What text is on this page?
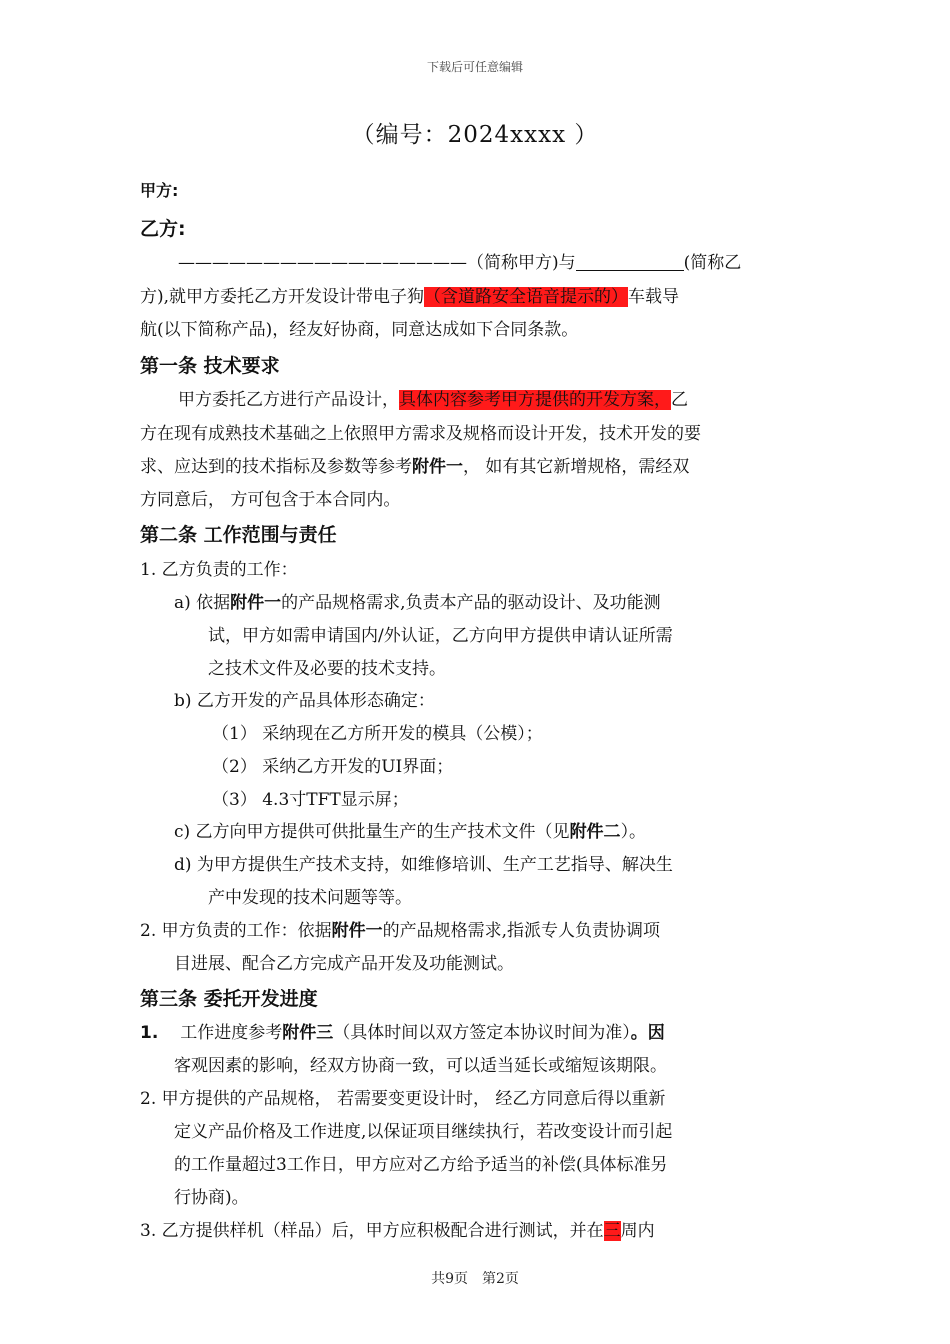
下载后可任意编辑
（编号：2024xxxx ）
甲方:
乙方:
—————————————————（简称甲方)与	(简称乙
方),就甲方委托乙方开发设计带电子狗（含道路安全语音提示的）车载导
航(以下简称产品)，经友好协商，同意达成如下合同条款。
第一条 技术要求
甲方委托乙方进行产品设计，具体内容参考甲方提供的开发方案，乙
方在现有成熟技术基础之上依照甲方需求及规格而设计开发，技术开发的要
求、应达到的技术指标及参数等参考附件一， 如有其它新增规格，需经双
方同意后， 方可包含于本合同内。
第二条 工作范围与责任
1. 乙方负责的工作：
a) 依据附件一的产品规格需求,负责本产品的驱动设计、及功能测
试，甲方如需申请国内/外认证，乙方向甲方提供申请认证所需
之技术文件及必要的技术支持。
b) 乙方开发的产品具体形态确定：
（1） 采纳现在乙方所开发的模具（公模）；
（2） 采纳乙方开发的UI界面；
（3） 4.3寸TFT显示屏；
c) 乙方向甲方提供可供批量生产的生产技术文件（见附件二）。
d) 为甲方提供生产技术支持，如维修培训、生产工艺指导、解决生
产中发现的技术问题等等。
2. 甲方负责的工作：依据附件一的产品规格需求,指派专人负责协调项
目进展、配合乙方完成产品开发及功能测试。
第三条 委托开发进度
1. 工作进度参考附件三（具体时间以双方签定本协议时间为准）。因
客观因素的影响，经双方协商一致，可以适当延长或缩短该期限。
2. 甲方提供的产品规格， 若需要变更设计时， 经乙方同意后得以重新
定义产品价格及工作进度,以保证项目继续执行，若改变设计而引起
的工作量超过3工作日，甲方应对乙方给予适当的补偿(具体标准另
行协商)。
3. 乙方提供样机（样品）后，甲方应积极配合进行测试，并在三周内
共9页 第2页
